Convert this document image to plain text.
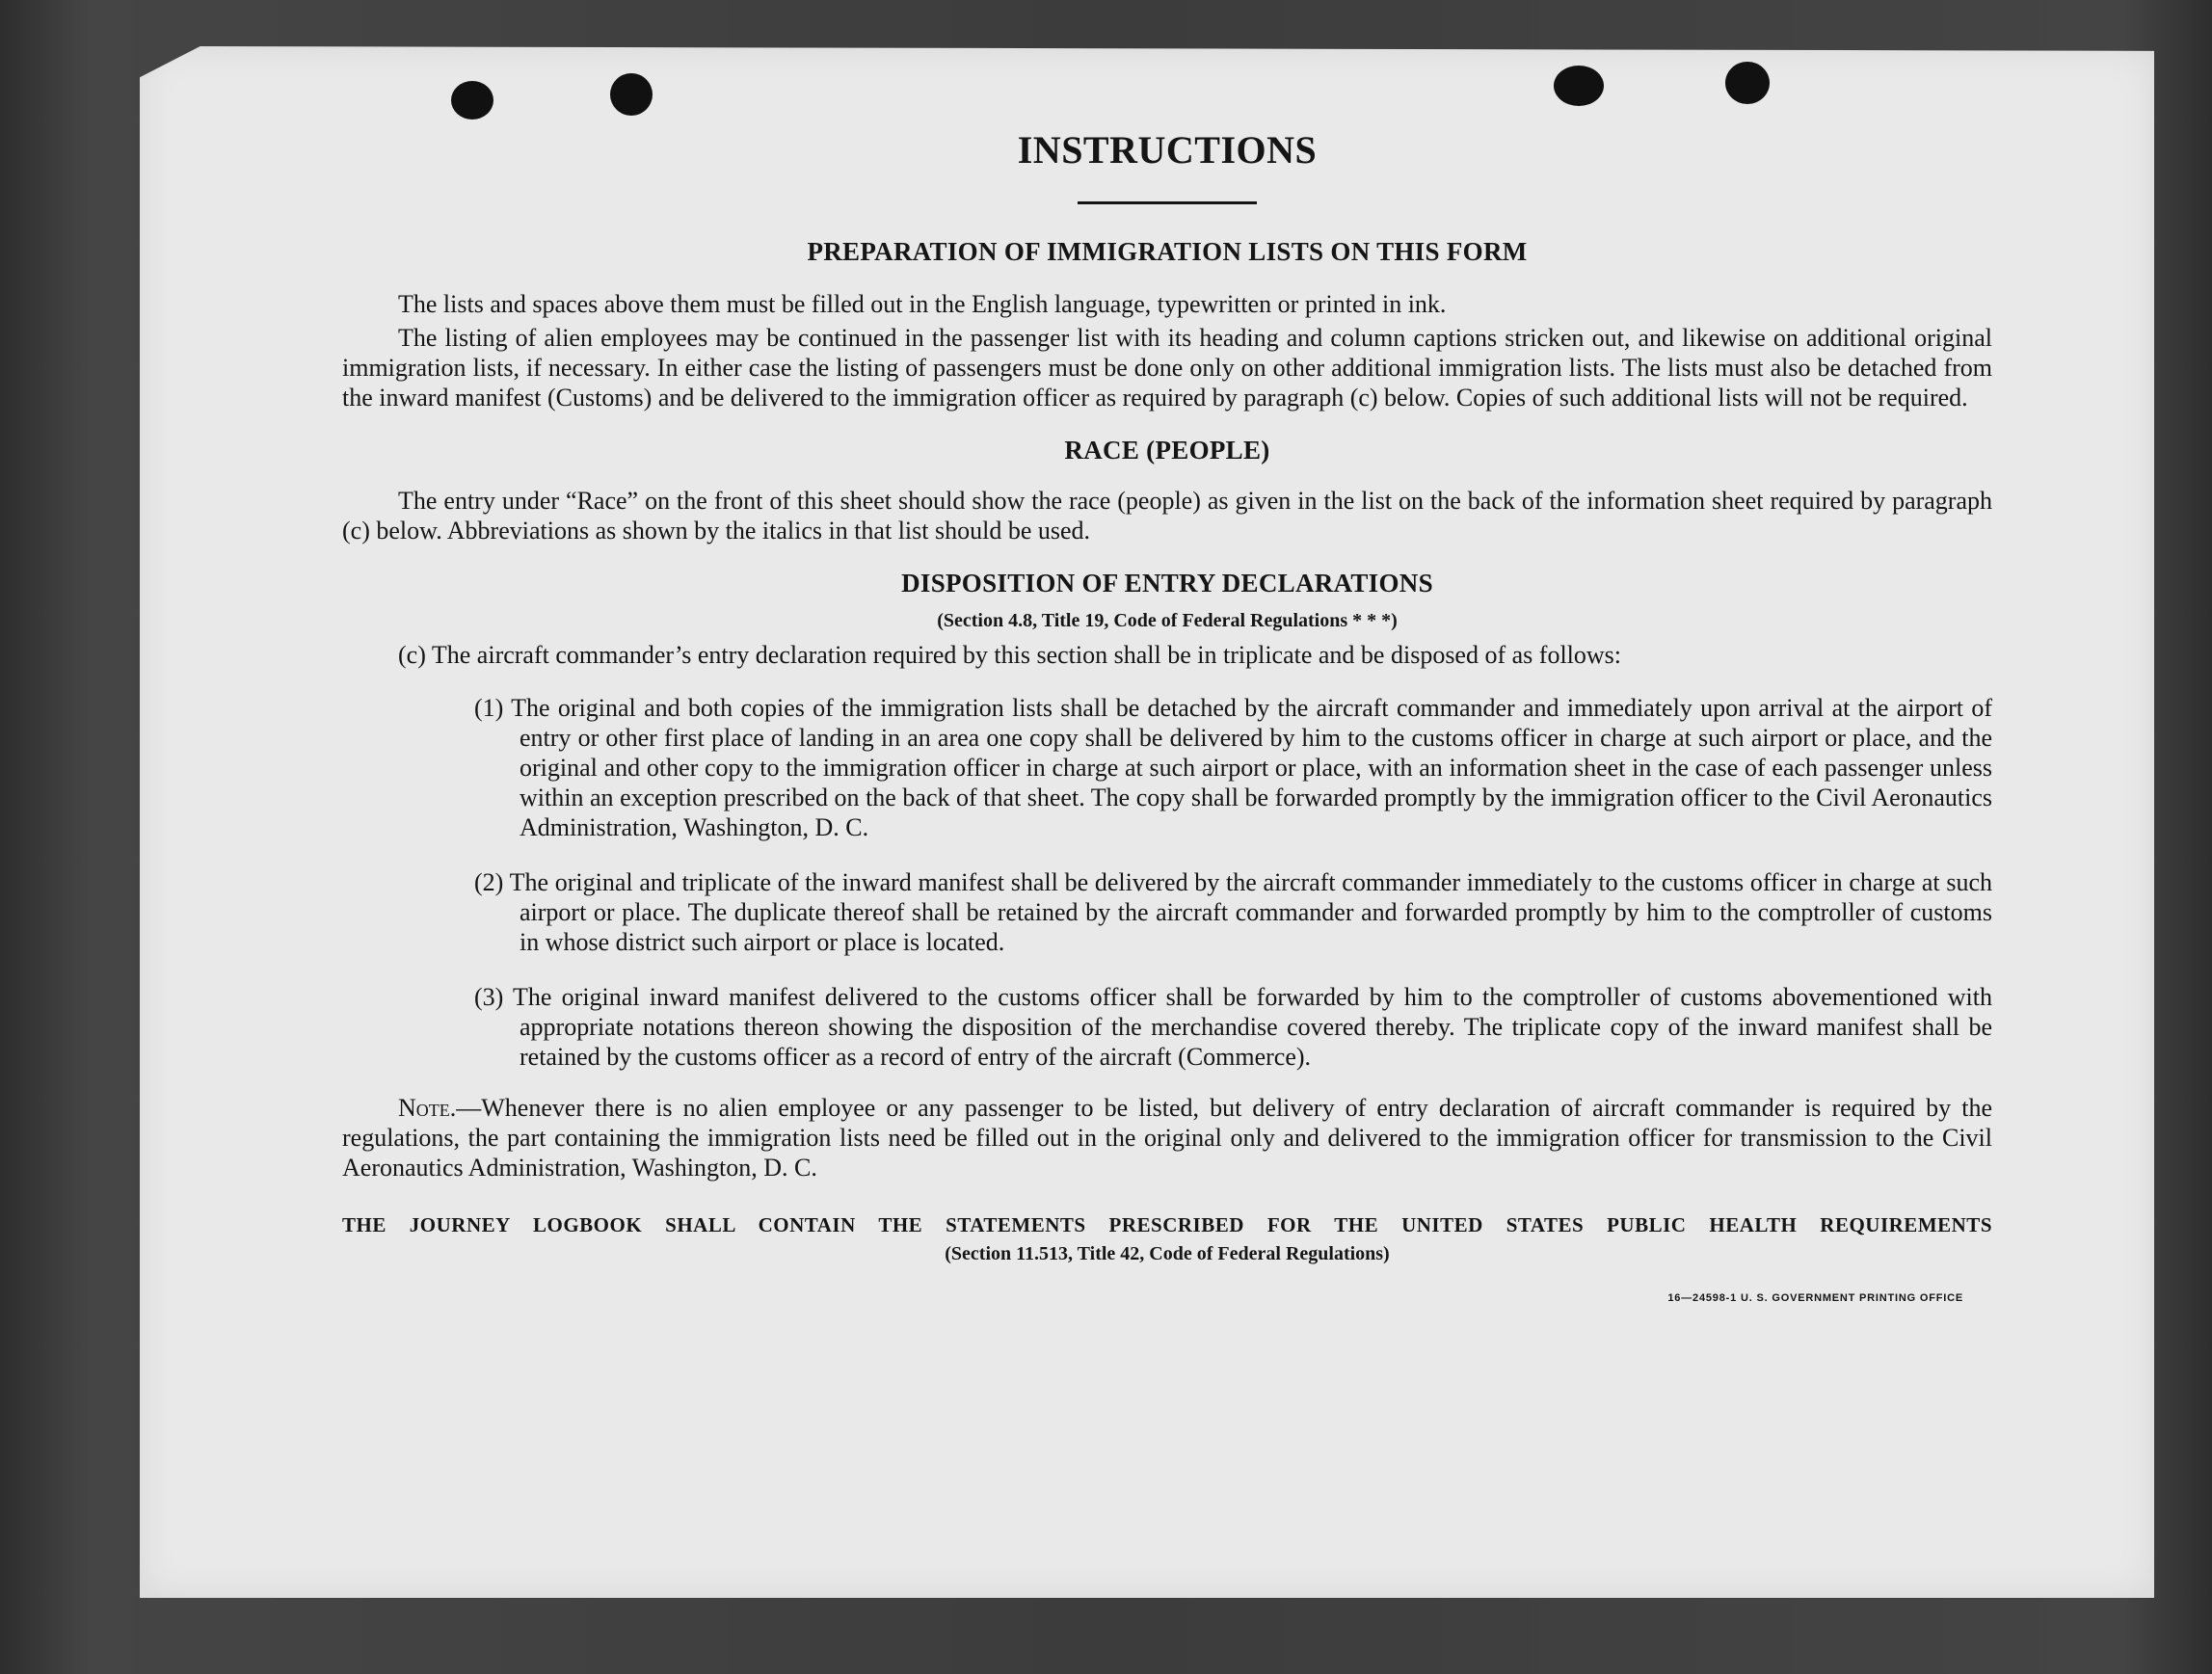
INSTRUCTIONS
PREPARATION OF IMMIGRATION LISTS ON THIS FORM

The lists and spaces above them must be filled out in the English language, typewritten or printed in ink.

The listing of alien employees may be continued in the passenger list with its heading and column captions stricken out, and likewise on additional original immigration lists, if necessary. In either case the listing of passengers must be done only on other additional immigration lists. The lists must also be detached from the inward manifest (Customs) and be delivered to the immigration officer as required by paragraph (c) below. Copies of such additional lists will not be required.

RACE (PEOPLE)

The entry under “Race” on the front of this sheet should show the race (people) as given in the list on the back of the information sheet required by paragraph (c) below. Abbreviations as shown by the italics in that list should be used.

DISPOSITION OF ENTRY DECLARATIONS
(Section 4.8, Title 19, Code of Federal Regulations * * *)

(c) The aircraft commander’s entry declaration required by this section shall be in triplicate and be disposed of as follows:

(1) The original and both copies of the immigration lists shall be detached by the aircraft commander and immediately upon arrival at the airport of entry or other first place of landing in an area one copy shall be delivered by him to the customs officer in charge at such airport or place, and the original and other copy to the immigration officer in charge at such airport or place, with an information sheet in the case of each passenger unless within an exception prescribed on the back of that sheet. The copy shall be forwarded promptly by the immigration officer to the Civil Aeronautics Administration, Washington, D. C.
(2) The original and triplicate of the inward manifest shall be delivered by the aircraft commander immediately to the customs officer in charge at such airport or place. The duplicate thereof shall be retained by the aircraft commander and forwarded promptly by him to the comptroller of customs in whose district such airport or place is located.
(3) The original inward manifest delivered to the customs officer shall be forwarded by him to the comptroller of customs abovementioned with appropriate notations thereon showing the disposition of the merchandise covered thereby. The triplicate copy of the inward manifest shall be retained by the customs officer as a record of entry of the aircraft (Commerce).

Note.—Whenever there is no alien employee or any passenger to be listed, but delivery of entry declaration of aircraft commander is required by the regulations, the part containing the immigration lists need be filled out in the original only and delivered to the immigration officer for transmission to the Civil Aeronautics Administration, Washington, D. C.

THE JOURNEY LOGBOOK SHALL CONTAIN THE STATEMENTS PRESCRIBED FOR THE UNITED STATES PUBLIC HEALTH REQUIREMENTS
(Section 11.513, Title 42, Code of Federal Regulations)
16—24598-1 U. S. GOVERNMENT PRINTING OFFICE
